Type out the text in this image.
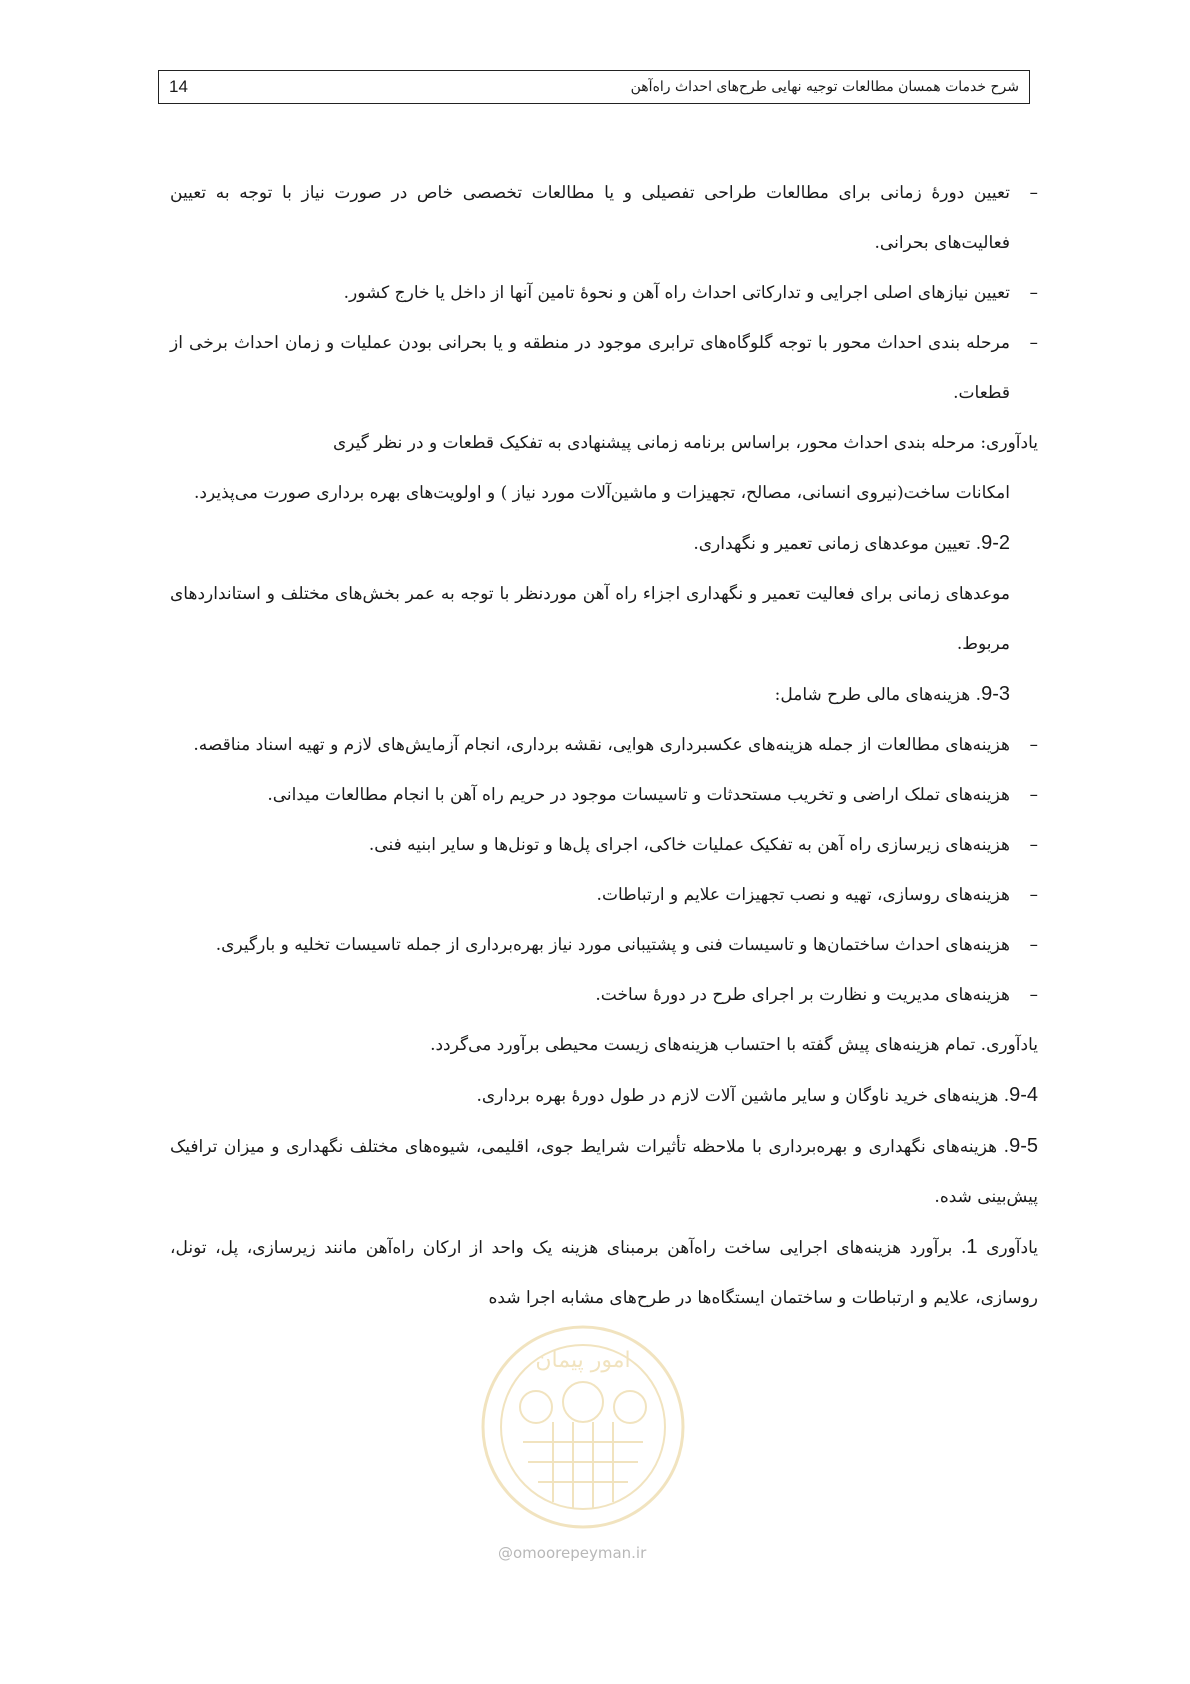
شرح خدمات همسان مطالعات توجیه نهایی طرح‌های احداث راه‌آهن
14
–
تعیین دورهٔ زمانی برای مطالعات طراحی تفصیلی و یا مطالعات تخصصی خاص در صورت نیاز با توجه به تعیین فعالیت‌های بحرانی.
–
تعیین نیازهای اصلی اجرایی و تدارکاتی احداث راه آهن و نحوهٔ تامین آنها از داخل یا خارج کشور.
–
مرحله بندی احداث محور با توجه گلوگاه‌های ترابری موجود در منطقه و یا بحرانی بودن عملیات و زمان احداث برخی از قطعات.
یادآوری: مرحله بندی احداث محور، براساس برنامه زمانی پیشنهادی به تفکیک قطعات و در نظر گیری
امکانات ساخت(نیروی انسانی، مصالح، تجهیزات و ماشین‌آلات مورد نیاز ) و اولویت‌های بهره برداری صورت می‌پذیرد.
9-2. تعیین موعدهای زمانی تعمیر و نگهداری.
موعدهای زمانی برای فعالیت تعمیر و نگهداری اجزاء راه آهن موردنظر با توجه به عمر بخش‌های مختلف و استانداردهای مربوط.
9-3. هزینه‌های مالی طرح شامل:
–
هزینه‌های مطالعات از جمله هزینه‌های عکسبرداری هوایی، نقشه برداری، انجام آزمایش‌های لازم و تهیه اسناد مناقصه.
–
هزینه‌های تملک اراضی و تخریب مستحدثات و تاسیسات موجود در حریم راه آهن با انجام مطالعات میدانی.
–
هزینه‌های زیرسازی راه آهن به تفکیک عملیات خاکی، اجرای پل‌ها و تونل‌ها و سایر ابنیه فنی.
–
هزینه‌های روسازی، تهیه و نصب تجهیزات علایم و ارتباطات.
–
هزینه‌های احداث ساختمان‌ها و تاسیسات فنی و پشتیبانی مورد نیاز بهره‌برداری از جمله تاسیسات تخلیه و بارگیری.
–
هزینه‌های مدیریت و نظارت بر اجرای طرح در دورهٔ ساخت.
یادآوری. تمام هزینه‌های پیش گفته با احتساب هزینه‌های زیست محیطی برآورد می‌گردد.
9-4. هزینه‌های خرید ناوگان و سایر ماشین آلات لازم در طول دورهٔ بهره برداری.
9-5. هزینه‌های نگهداری و بهره‌برداری با ملاحظه تأثیرات شرایط جوی، اقلیمی، شیوه‌های مختلف نگهداری و میزان ترافیک پیش‌بینی شده.
یادآوری 1. برآورد هزینه‌های اجرایی ساخت راه‌آهن برمبنای هزینه یک واحد از ارکان راه‌آهن مانند زیرسازی، پل، تونل، روسازی، علایم و ارتباطات و ساختمان ایستگاه‌ها در طرح‌های مشابه اجرا شده
امور پیمان
@omoorepeyman.ir
